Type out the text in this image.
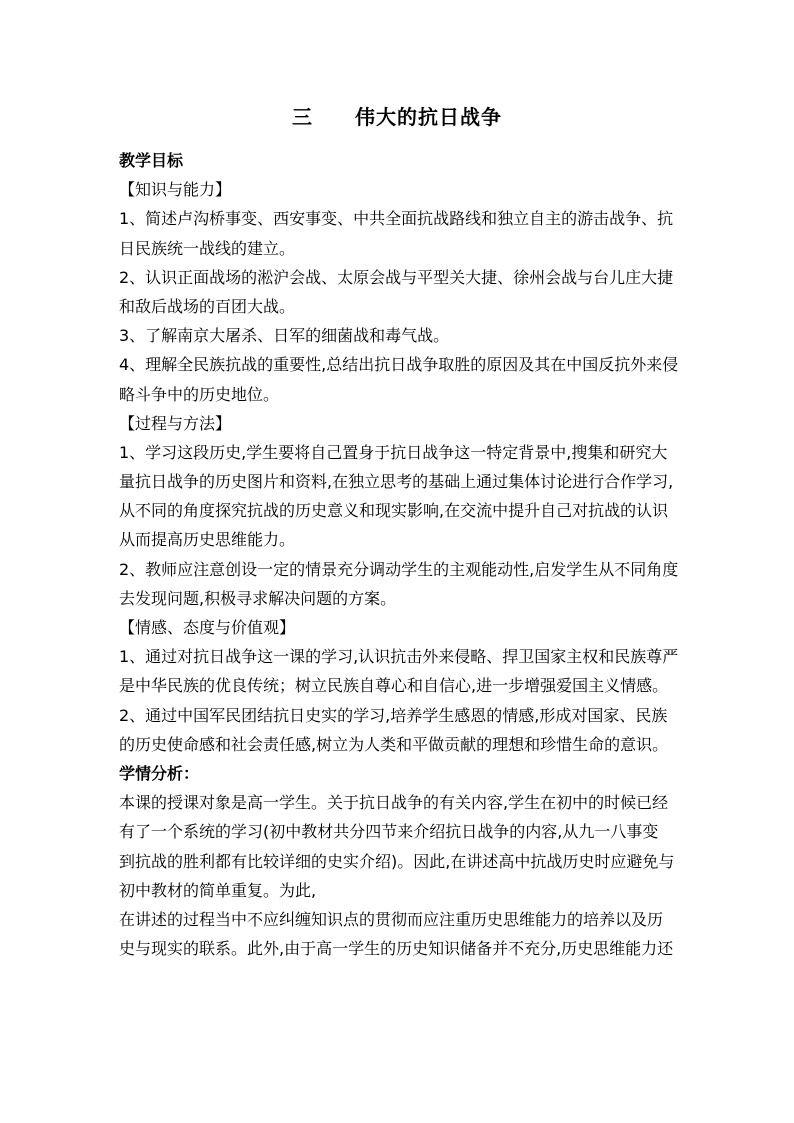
三　　伟大的抗日战争
教学目标
【知识与能力】
1、简述卢沟桥事变、西安事变、中共全面抗战路线和独立自主的游击战争、抗
日民族统一战线的建立。
2、认识正面战场的淞沪会战、太原会战与平型关大捷、徐州会战与台儿庄大捷
和敌后战场的百团大战。
3、了解南京大屠杀、日军的细菌战和毒气战。
4、理解全民族抗战的重要性,总结出抗日战争取胜的原因及其在中国反抗外来侵
略斗争中的历史地位。
【过程与方法】
1、学习这段历史,学生要将自己置身于抗日战争这一特定背景中,搜集和研究大
量抗日战争的历史图片和资料,在独立思考的基础上通过集体讨论进行合作学习,
从不同的角度探究抗战的历史意义和现实影响,在交流中提升自己对抗战的认识
从而提高历史思维能力。
2、教师应注意创设一定的情景充分调动学生的主观能动性,启发学生从不同角度
去发现问题,积极寻求解决问题的方案。
【情感、态度与价值观】
1、通过对抗日战争这一课的学习,认识抗击外来侵略、捍卫国家主权和民族尊严
是中华民族的优良传统；树立民族自尊心和自信心,进一步增强爱国主义情感。
2、通过中国军民团结抗日史实的学习,培养学生感恩的情感,形成对国家、民族
的历史使命感和社会责任感,树立为人类和平做贡献的理想和珍惜生命的意识。
学情分析：
本课的授课对象是高一学生。关于抗日战争的有关内容,学生在初中的时候已经
有了一个系统的学习(初中教材共分四节来介绍抗日战争的内容,从九一八事变
到抗战的胜利都有比较详细的史实介绍)。因此,在讲述高中抗战历史时应避免与
初中教材的简单重复。为此,
在讲述的过程当中不应纠缠知识点的贯彻而应注重历史思维能力的培养以及历
史与现实的联系。此外,由于高一学生的历史知识储备并不充分,历史思维能力还
